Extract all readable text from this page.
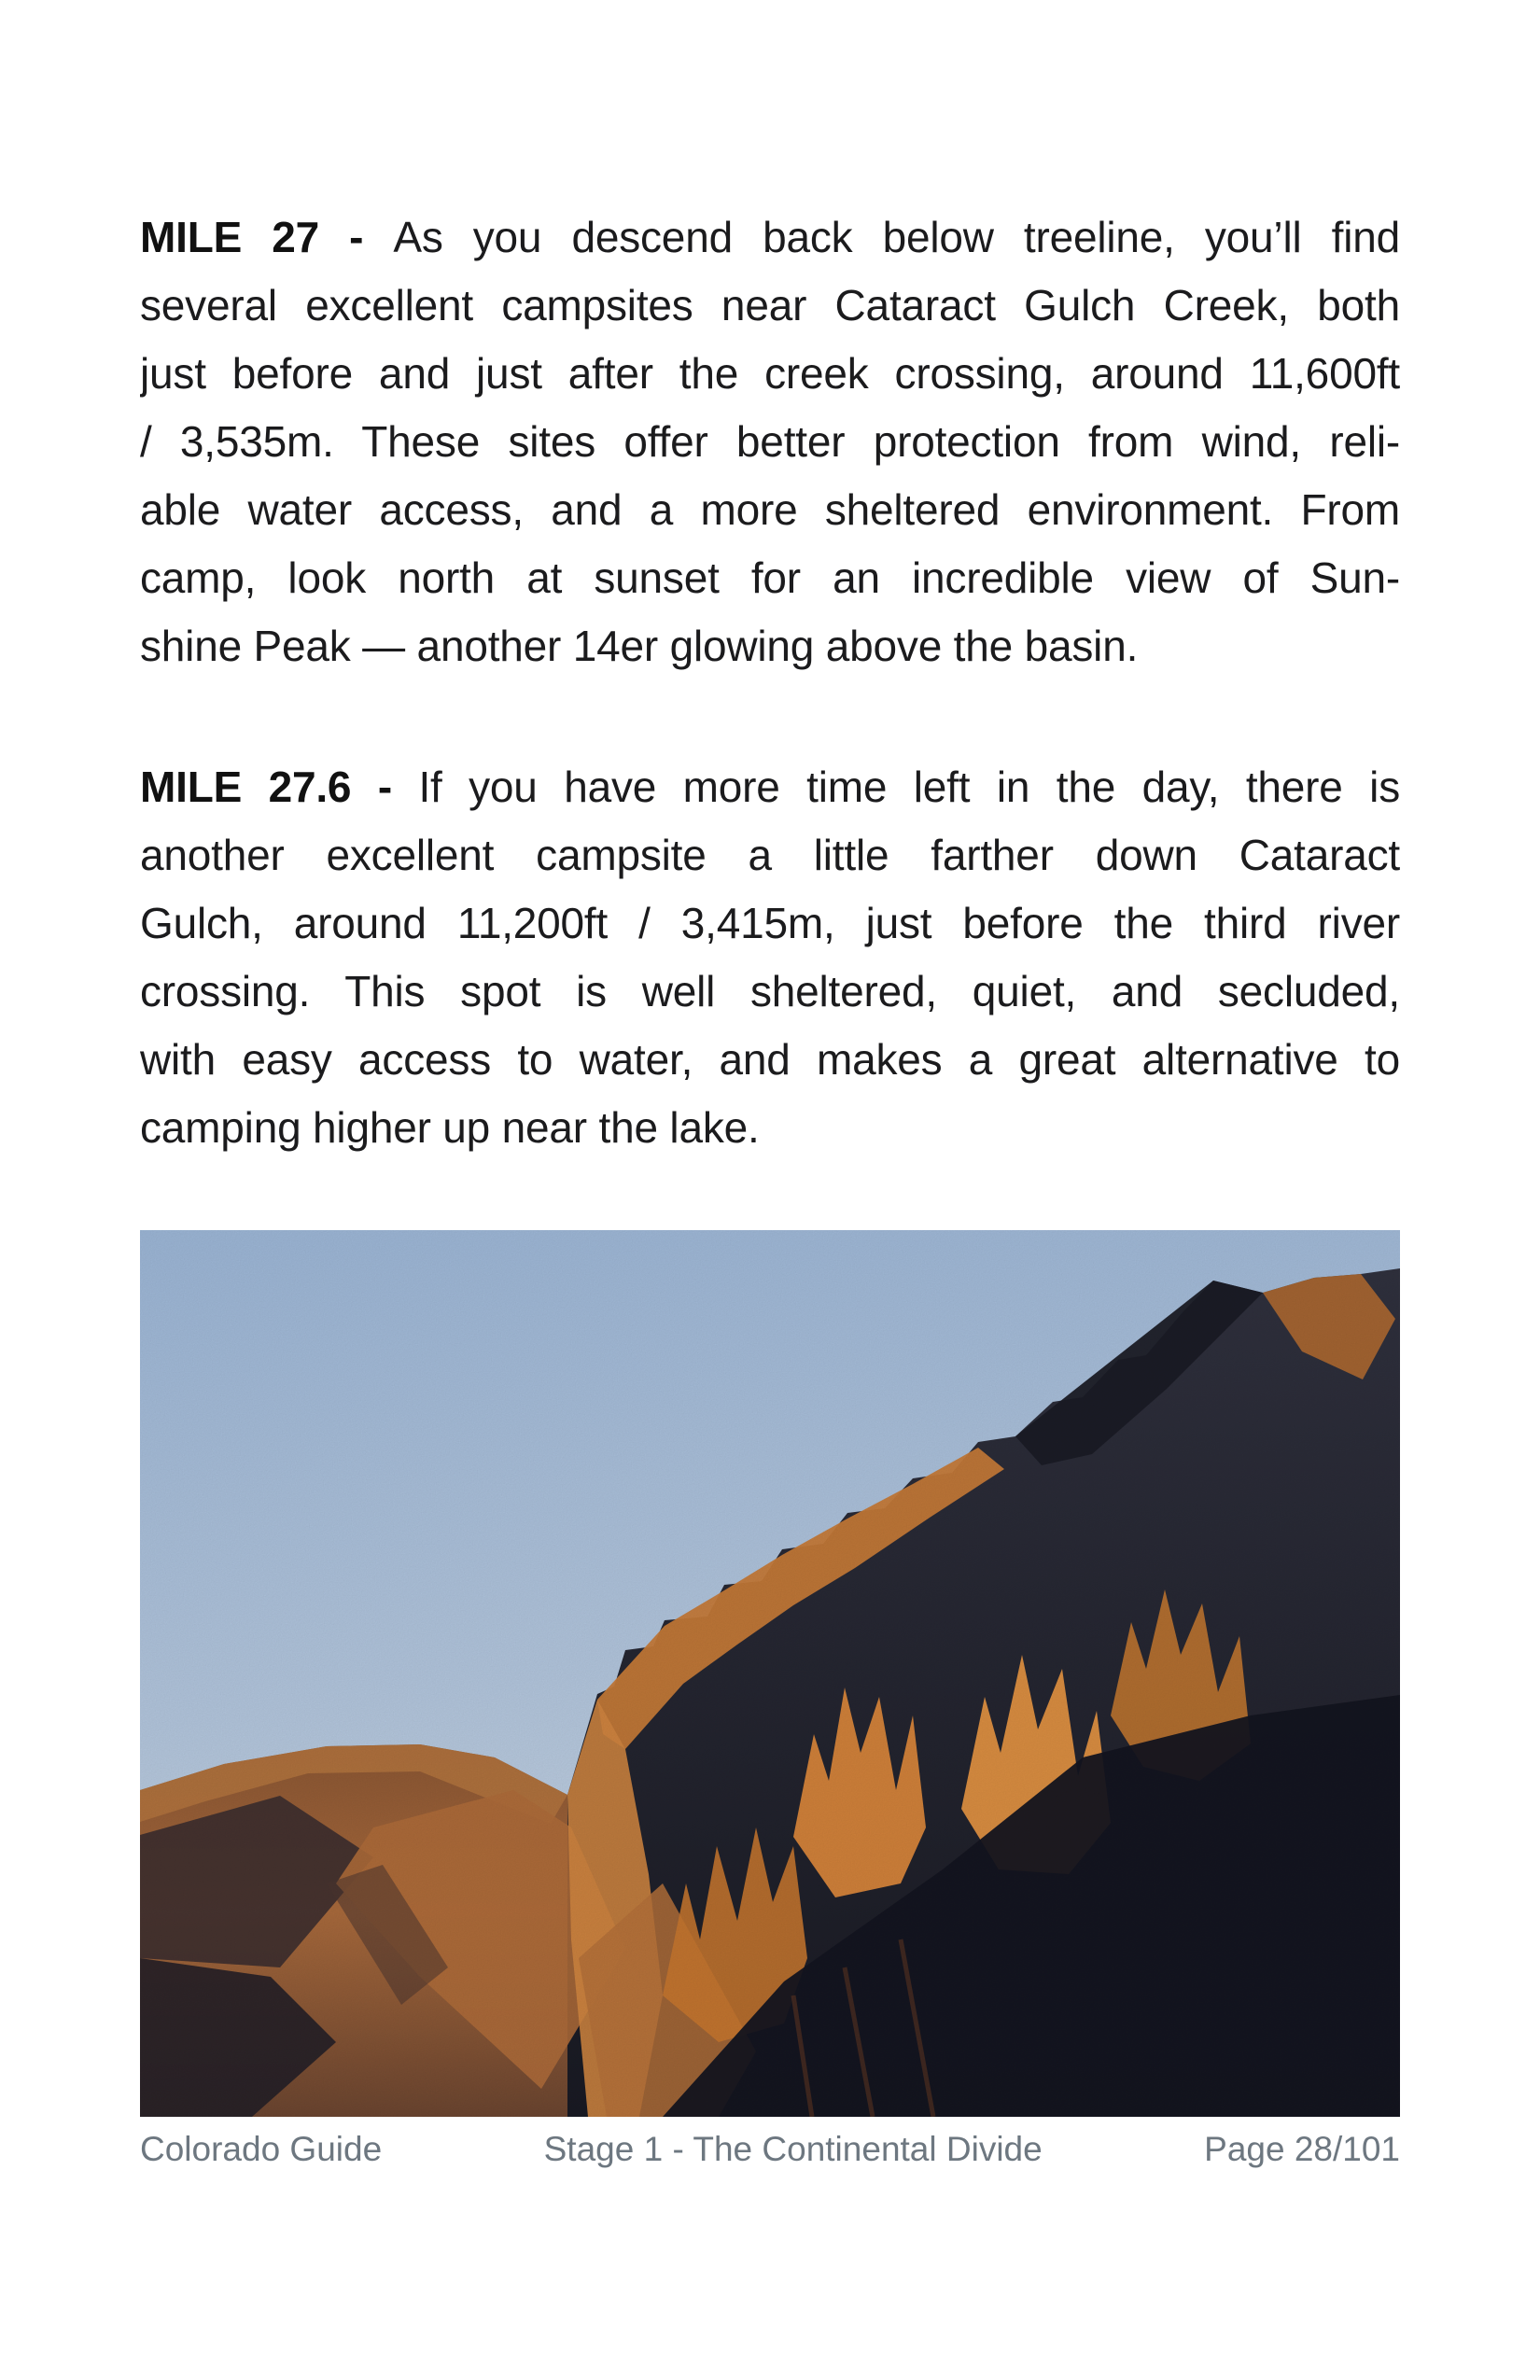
MILE 27 - As you descend back below treeline, you’ll find
several excellent campsites near Cataract Gulch Creek, both
just before and just after the creek crossing, around 11,600ft
/ 3,535m. These sites offer better protection from wind, reli-
able water access, and a more sheltered environment. From
camp, look north at sunset for an incredible view of Sun-
shine Peak — another 14er glowing above the basin.
MILE 27.6 - If you have more time left in the day, there is
another excellent campsite a little farther down Cataract
Gulch, around 11,200ft / 3,415m, just before the third river
crossing. This spot is well sheltered, quiet, and secluded,
with easy access to water, and makes a great alternative to
camping higher up near the lake.
Colorado Guide	Stage 1 - The Continental Divide	Page 28/101
